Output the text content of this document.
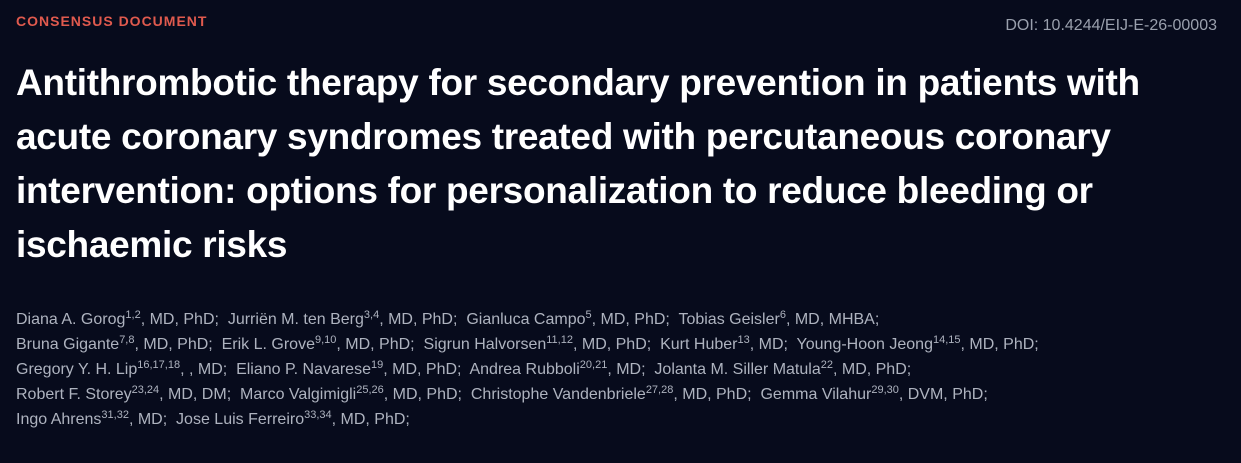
CONSENSUS DOCUMENT	DOI: 10.4244/EIJ-E-26-00003
Antithrombotic therapy for secondary prevention in patients with acute coronary syndromes treated with percutaneous coronary intervention: options for personalization to reduce bleeding or ischaemic risks
Diana A. Gorog$^{1,2}$, MD, PhD; Jurriën M. ten Berg$^{3,4}$, MD, PhD; Gianluca Campo$^5$, MD, PhD; Tobias Geisler$^6$, MD, MHBA;
Bruna Gigante$^{7,8}$, MD, PhD; Erik L. Grove$^{9,10}$, MD, PhD; Sigrun Halvorsen$^{11,12}$, MD, PhD; Kurt Huber$^{13}$, MD; Young-Hoon Jeong$^{14,15}$, MD, PhD;
Gregory Y. H. Lip$^{16,17,18}$, , MD; Eliano P. Navarese$^{19}$, MD, PhD; Andrea Rubboli$^{20,21}$, MD; Jolanta M. Siller Matula$^{22}$, MD, PhD;
Robert F. Storey$^{23,24}$, MD, DM; Marco Valgimigli$^{25,26}$, MD, PhD; Christophe Vandenbriele$^{27,28}$, MD, PhD; Gemma Vilahur$^{29,30}$, DVM, PhD;
Ingo Ahrens$^{31,32}$, MD; Jose Luis Ferreiro$^{33,34}$, MD, PhD;
